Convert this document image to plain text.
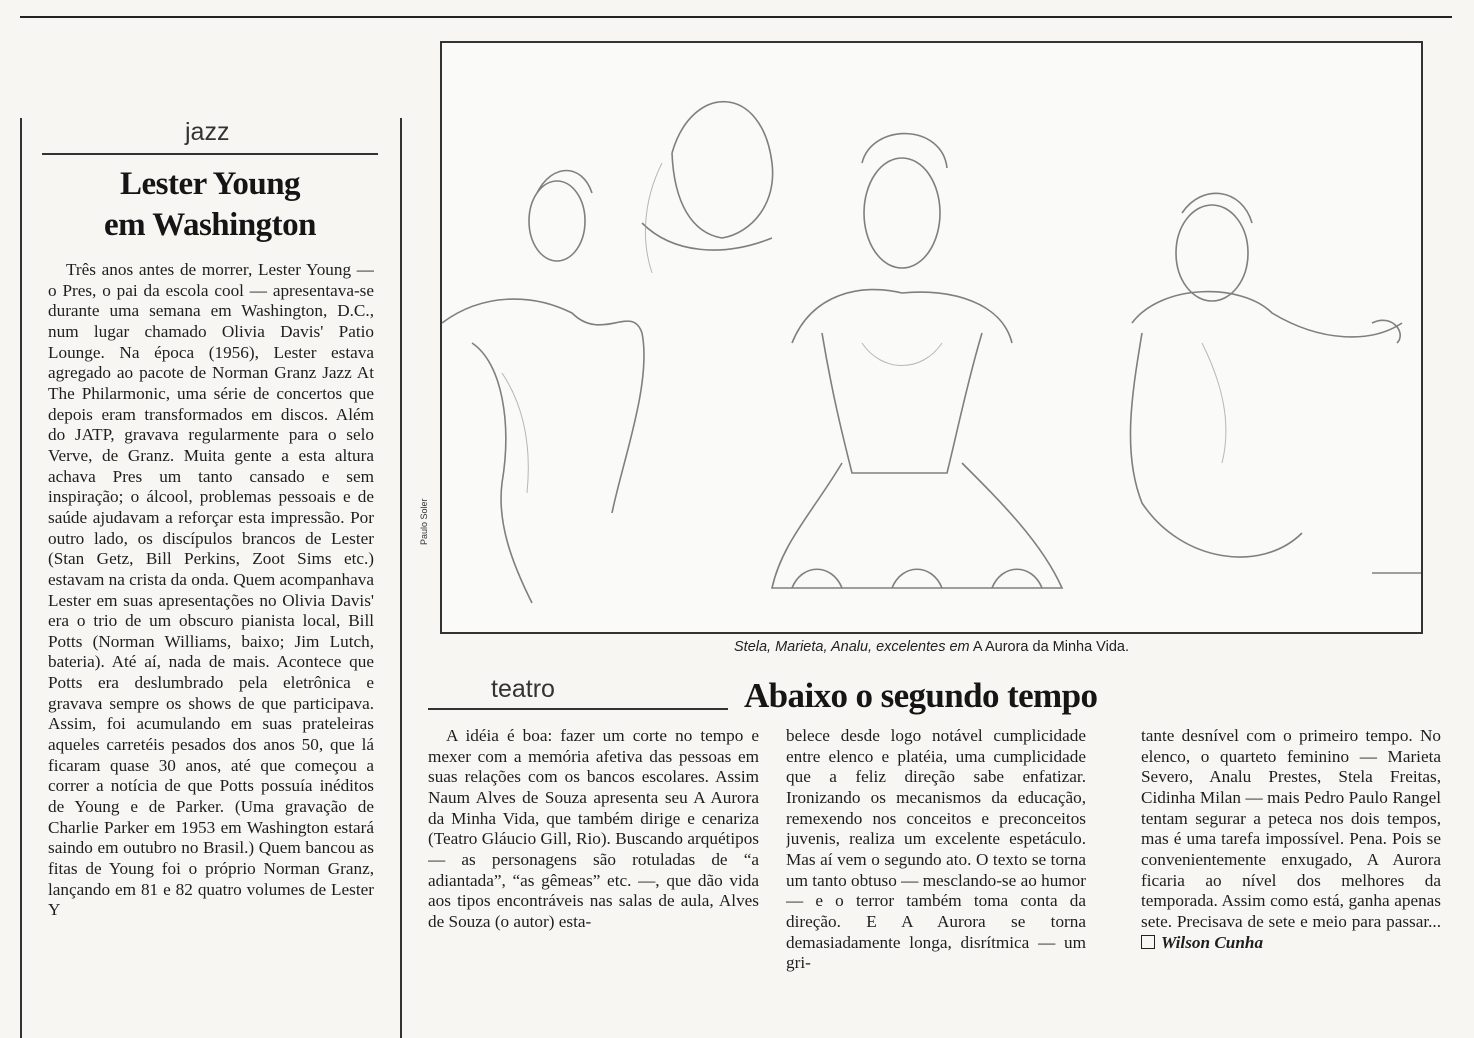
jazz
Lester Young
em Washington

Três anos antes de morrer, Lester Young — o Pres, o pai da escola cool — apresentava-se durante uma semana em Washington, D.C., num lugar chamado Olivia Davis' Patio Lounge. Na época (1956), Lester estava agregado ao pacote de Norman Granz Jazz At The Philarmonic, uma série de concertos que depois eram transformados em discos. Além do JATP, gravava regularmente para o selo Verve, de Granz. Muita gente a esta altura achava Pres um tanto cansado e sem inspiração; o álcool, problemas pessoais e de saúde ajudavam a reforçar esta impressão. Por outro lado, os discípulos brancos de Lester (Stan Getz, Bill Perkins, Zoot Sims etc.) estavam na crista da onda. Quem acompanhava Lester em suas apresentações no Olivia Davis' era o trio de um obscuro pianista local, Bill Potts (Norman Williams, baixo; Jim Lutch, bateria). Até aí, nada de mais. Acontece que Potts era deslumbrado pela eletrônica e gravava sempre os shows de que participava. Assim, foi acumulando em suas prateleiras aqueles carretéis pesados dos anos 50, que lá ficaram quase 30 anos, até que começou a correr a notícia de que Potts possuía inéditos de Young e de Parker. (Uma gravação de Charlie Parker em 1953 em Washington estará saindo em outubro no Brasil.) Quem bancou as fitas de Young foi o próprio Norman Granz, lançando em 81 e 82 quatro volumes de Lester Y

Paulo Soler
Stela, Marieta, Analu, excelentes em A Aurora da Minha Vida.
teatro	Abaixo o segundo tempo

A idéia é boa: fazer um corte no tempo e mexer com a memória afetiva das pessoas em suas relações com os bancos escolares. Assim Naum Alves de Souza apresenta seu A Aurora da Minha Vida, que também dirige e cenariza (Teatro Gláucio Gill, Rio). Buscando arquétipos — as personagens são rotuladas de “a adiantada”, “as gêmeas” etc. —, que dão vida aos tipos encontráveis nas salas de aula, Alves de Souza (o autor) esta-

belece desde logo notável cumplicidade entre elenco e platéia, uma cumplicidade que a feliz direção sabe enfatizar. Ironizando os mecanismos da educação, remexendo nos conceitos e preconceitos juvenis, realiza um excelente espetáculo. Mas aí vem o segundo ato. O texto se torna um tanto obtuso — mesclando-se ao humor — e o terror também toma conta da direção. E A Aurora se torna demasiadamente longa, disrítmica — um gri-

tante desnível com o primeiro tempo. No elenco, o quarteto feminino — Marieta Severo, Analu Prestes, Stela Freitas, Cidinha Milan — mais Pedro Paulo Rangel tentam segurar a peteca nos dois tempos, mas é uma tarefa impossível. Pena. Pois se convenientemente enxugado, A Aurora ficaria ao nível dos melhores da temporada. Assim como está, ganha apenas sete. Precisava de sete e meio para passar... Wilson Cunha
